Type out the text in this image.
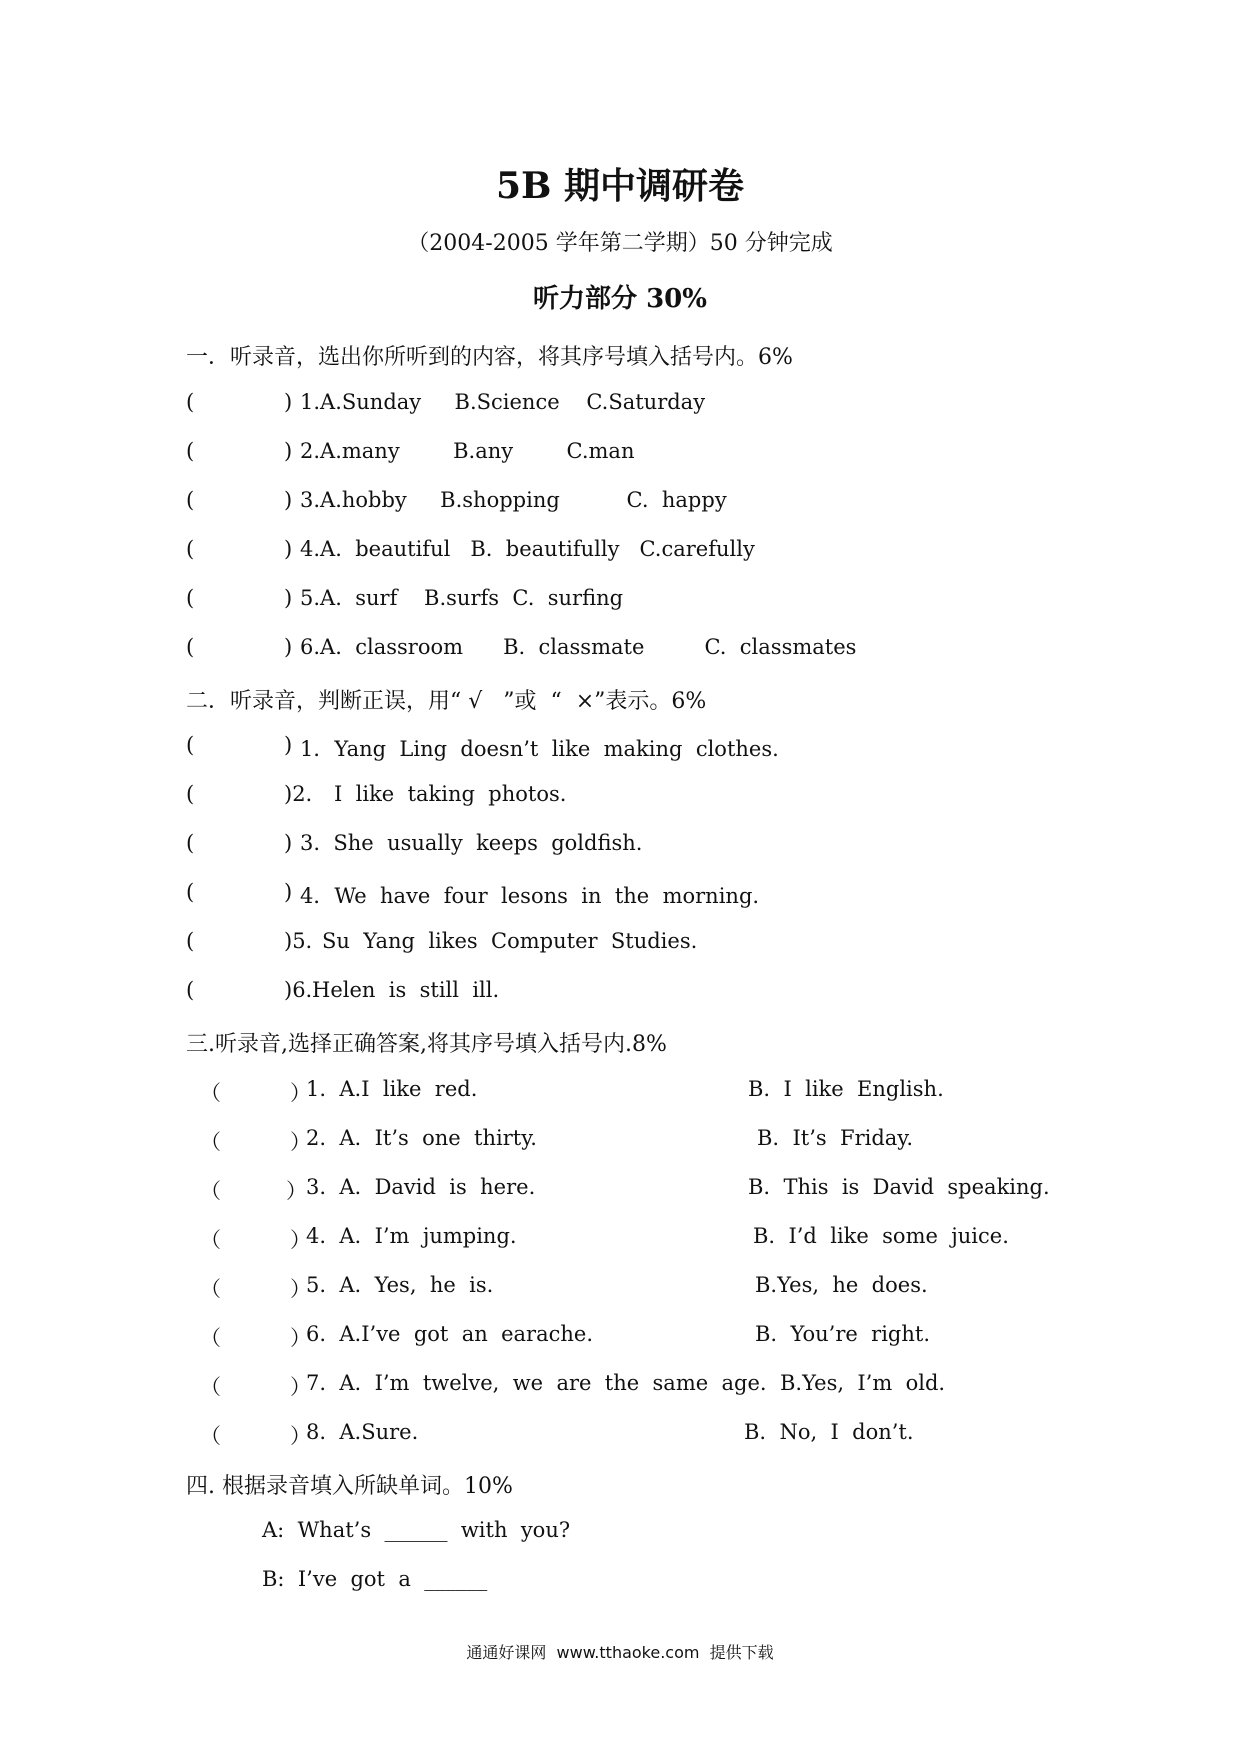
5B 期中调研卷
（2004-2005 学年第二学期）50 分钟完成
听力部分 30%
一．听录音，选出你所听到的内容，将其序号填入括号内。6%
(	) 1.A.Sunday     B.Science    C.Saturday
(	) 2.A.many        B.any        C.man
(	) 3.A.hobby     B.shopping          C.  happy
(	) 4.A.  beautiful   B.  beautifully   C.carefully
(	) 5.A.  surf    B.surfs  C.  surfing
(	) 6.A.  classroom      B.  classmate         C.  classmates
二．听录音，判断正误，用“ √   ”或  “  ×”表示。6%
(	) 1．Yang  Ling  doesn’t  like  making  clothes.
(	)2. I  like  taking  photos.
(	) 3.  She  usually  keeps  goldfish.
(	) 4．We  have  four  lesons  in  the  morning.
(	)5. Su  Yang  likes  Computer  Studies.
(	)6. Helen  is  still  ill.
三.听录音,选择正确答案,将其序号填入括号内.8%
（	）
1.  A.I  like  red.	B.  I  like  English.
（	）
2.  A.  It’s  one  thirty.	B.  It’s  Friday.
（	） 3.  A.  David  is  here.	B.  This  is  David  speaking.
（	）
4.  A.  I’m  jumping.	B.  I’d  like  some  juice.
（	）
5.  A.  Yes,  he  is.	B.Yes,  he  does.
（	）
6.  A.I’ve  got  an  earache.	B.  You’re  right.
（	）
7.  A.  I’m  twelve,  we  are  the  same  age. B.Yes,  I’m  old.
（	）
8.  A.Sure.	B.  No,  I  don’t.
四. 根据录音填入所缺单词。10%
A:  What’s  ______  with  you?
B:  I’ve  got  a  ______
通通好课网  www.tthaoke.com  提供下载
